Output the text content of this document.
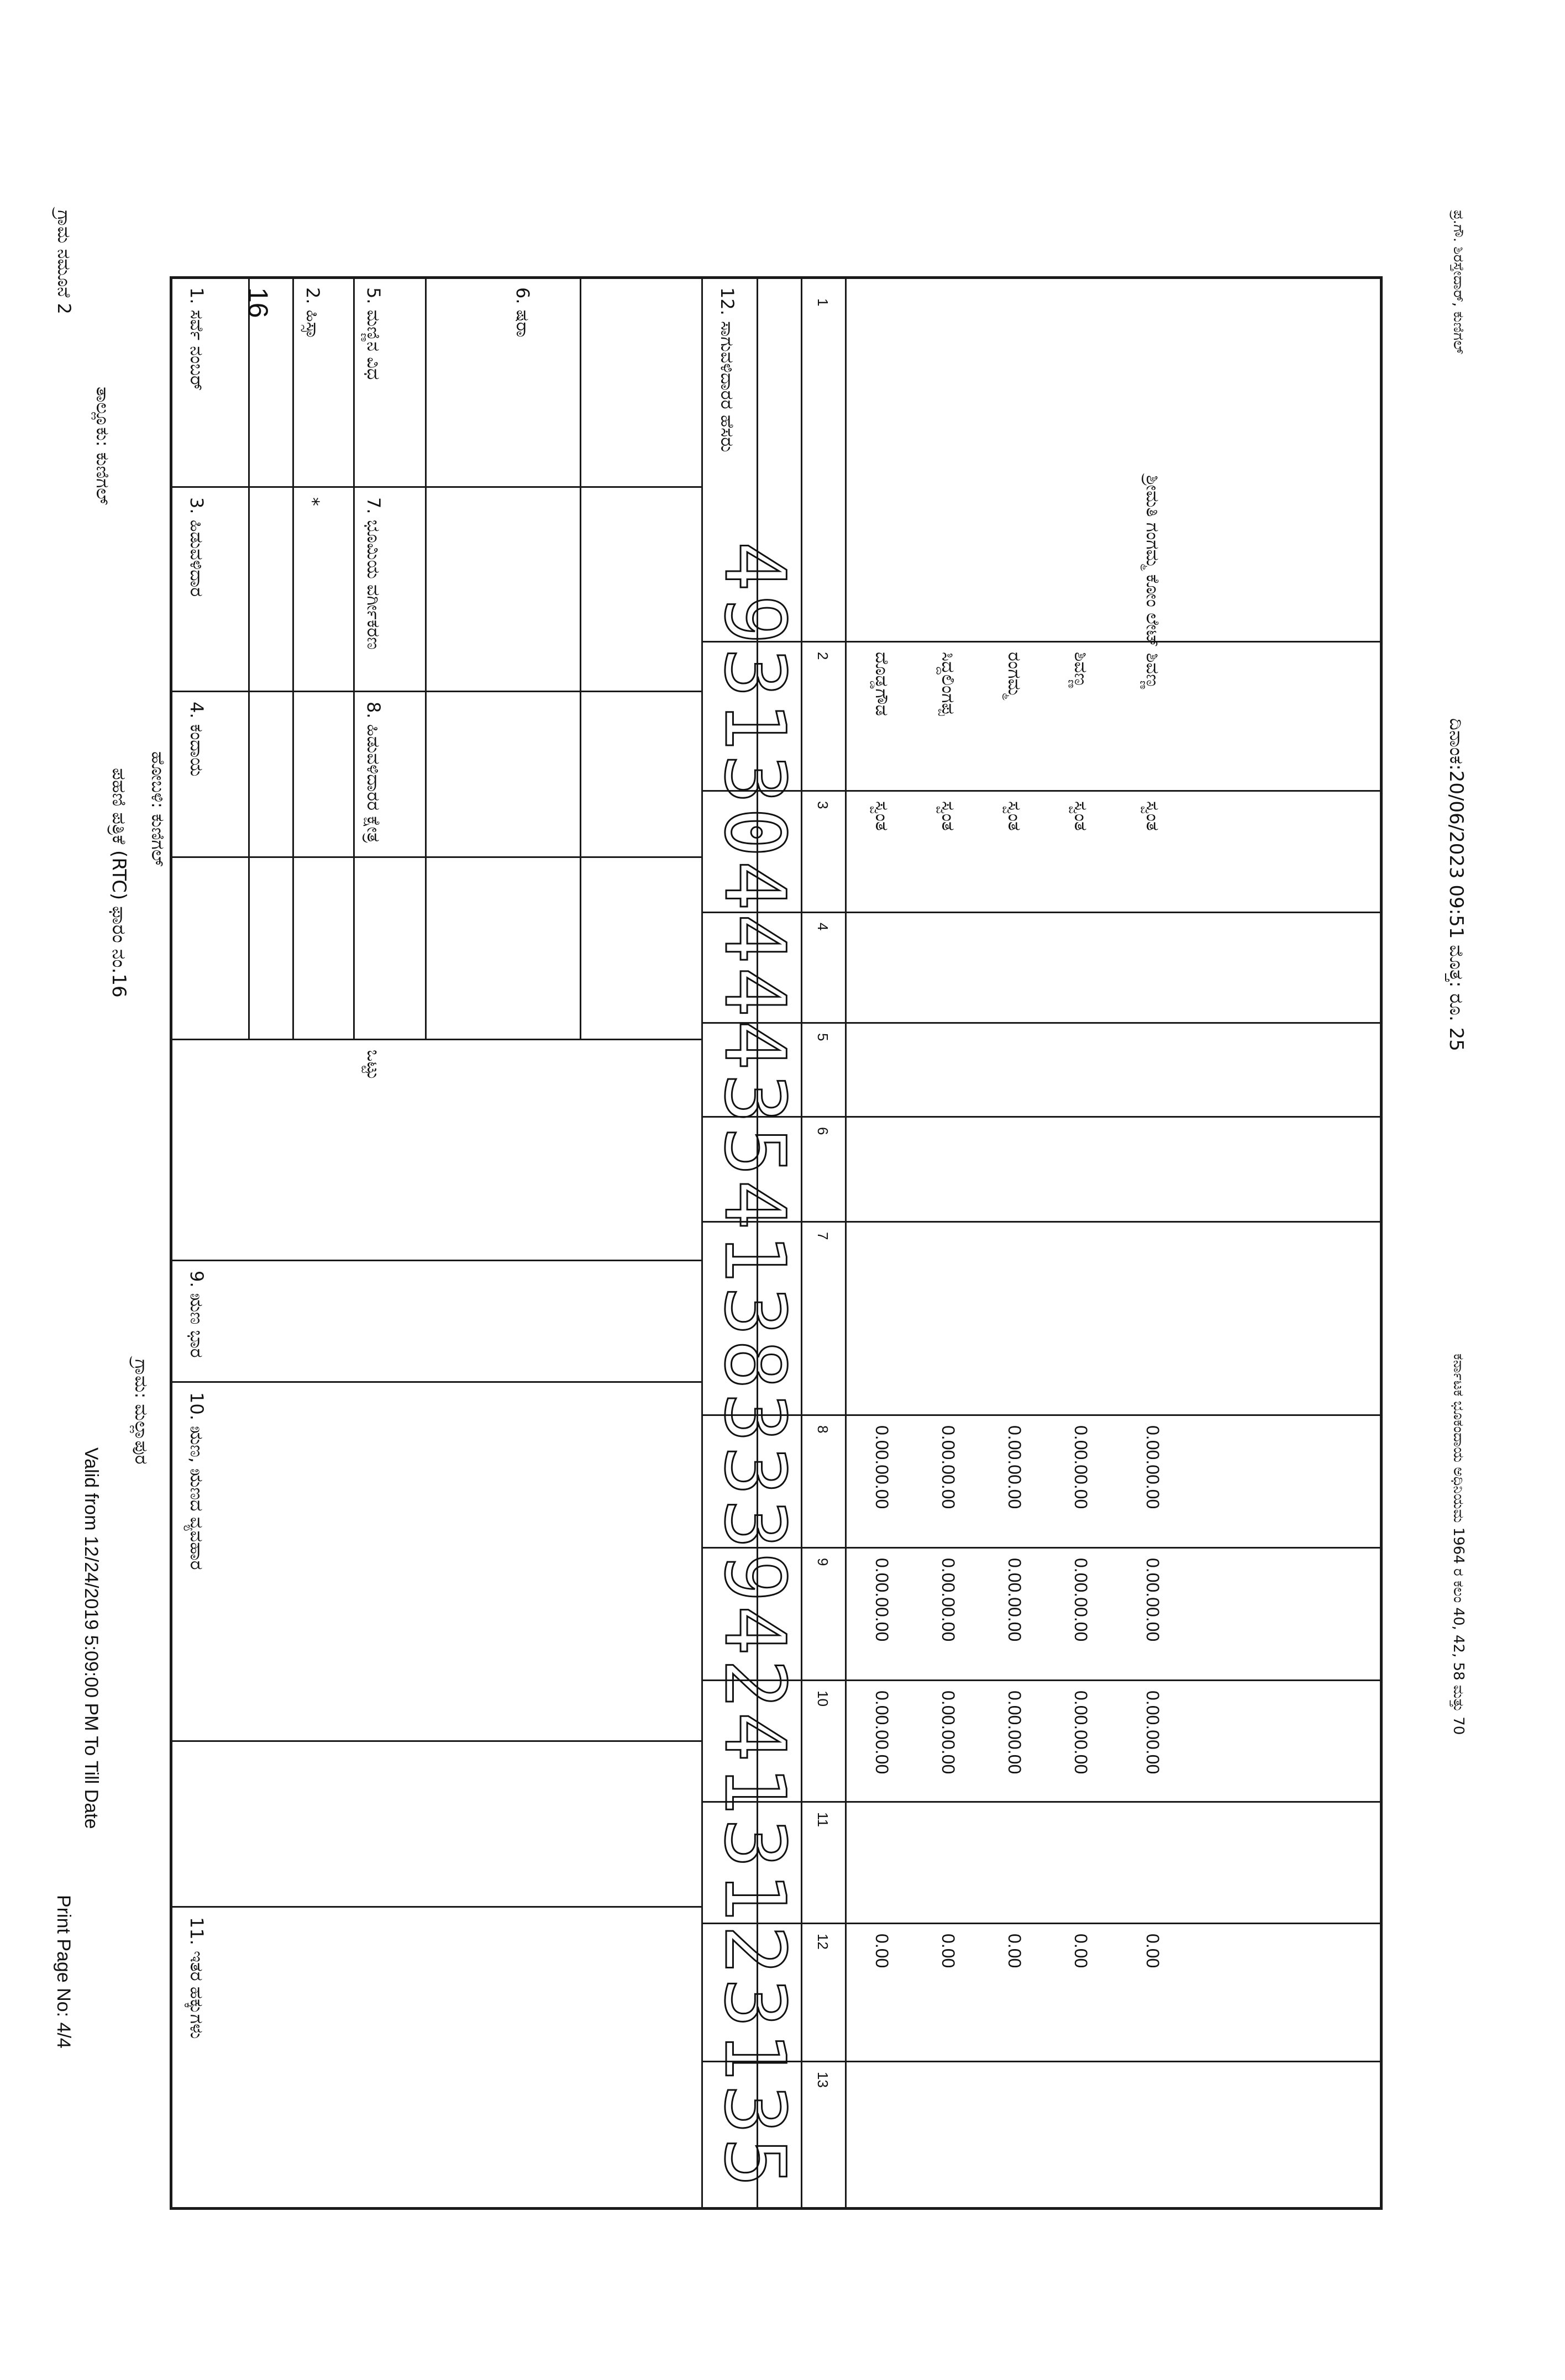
ಪಹಣಿ ಪತ್ರಿಕೆ (RTC) ಫಾರಂ ನಂ.16
Print Page No: 4/4
Valid from 12/24/2019 5:09:00 PM To Till Date
ಗ್ರಾಮ ನಮೂನೆ 2
ತಾಲ್ಲೂಕು: ಕುಣಿಗಲ್
ಹೋಬಳಿ: ಕುಣಿಗಲ್
ಗ್ರಾಮ: ಮಲ್ಲಾಪುರ
1. ಸರ್ವೆ ನಂಬರ್ 16
3. ಹಿಡುವಳಿದಾರ
4. ಕಂದಾಯ
2. ಹಿಸ್ಸಾ
*
5. ಮಣ್ಣಿನ ವಿಧ
7. ಭೂಮಿಯ ವರ್ಗೀಕರಣ
8. ಹಿಡುವಳಿದಾರರ ಕ್ಷೇತ್ರ
ಒಟ್ಟು
6. ಷರಾ
9. ಋಣ ಭಾರ
10. ಋಣ, ಋಣದ ವ್ಯವಹಾರ
11. ಇತರ ಹಕ್ಕುಗಳು
12. ಸಾಗುವಳಿದಾರರ ಹೆಸರು	1
2
3
4
5
6
7
8
9
10
11
12
13
ದೊಡ್ಡಗೌಡ
ಸ್ವಂತ
0.00.00.00
0.00.00.00
0.00.00.00
0.00
ಸಿದ್ದಲಿಂಗಪ್ಪ
ಸ್ವಂತ
0.00.00.00
0.00.00.00
0.00.00.00
0.00
ರಂಗಮ್ಮ
ಸ್ವಂತ
0.00.00.00
0.00.00.00
0.00.00.00
0.00
ಶಿವಣ್ಣ
ಸ್ವಂತ
0.00.00.00
0.00.00.00
0.00.00.00
0.00
ಶ್ರೀಮತಿ ಗಂಗಮ್ಮ ಕೋಂ ಲೇಟ್ ಶಿವಣ್ಣ
ಸ್ವಂತ
0.00.00.00
0.00.00.00
0.00.00.00
0.00
4931304444354138333942413123135	ದಿನಾಂಕ:20/06/2023 09:51 ಮೊತ್ತ: ರೂ. 25
ಕರ್ನಾಟಕ ಭೂಕಂದಾಯ ಅಧಿನಿಯಮ 1964 ರ ಕಲಂ 40, 42, 58 ಮತ್ತು 70
ಪ್ರ.ಗೌ. ಶಿರಸ್ತೇದಾರ್, ಕುಣಿಗಲ್
